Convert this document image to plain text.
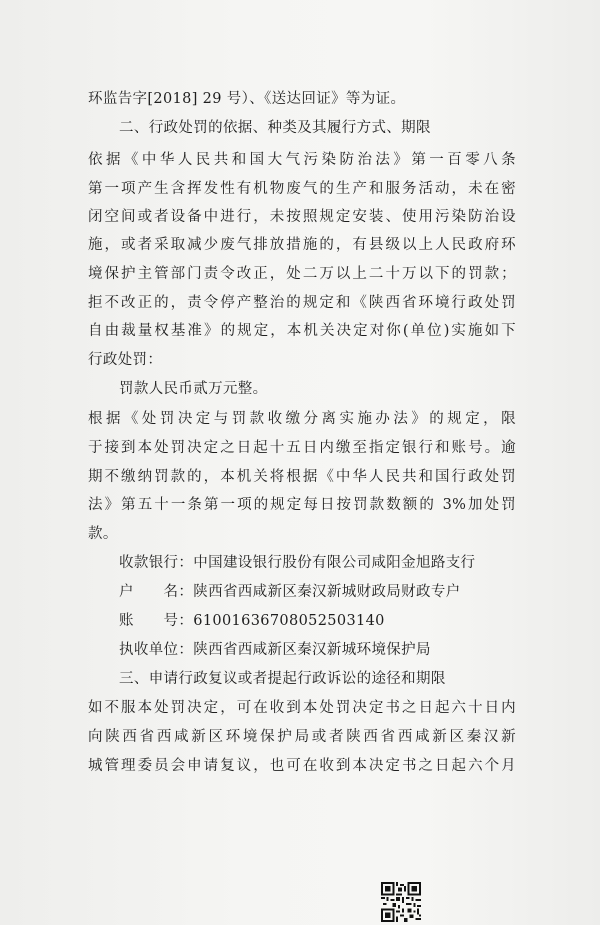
环监告字[2018] 29 号）、《送达回证》等为证。
二、行政处罚的依据、种类及其履行方式、期限
依据《中华人民共和国大气污染防治法》第一百零八条
第一项产生含挥发性有机物废气的生产和服务活动，未在密
闭空间或者设备中进行，未按照规定安装、使用污染防治设
施，或者采取减少废气排放措施的，有县级以上人民政府环
境保护主管部门责令改正，处二万以上二十万以下的罚款；
拒不改正的，责令停产整治的规定和《陕西省环境行政处罚
自由裁量权基准》的规定，本机关决定对你(单位)实施如下
行政处罚：
罚款人民币贰万元整。
根据《处罚决定与罚款收缴分离实施办法》的规定，限
于接到本处罚决定之日起十五日内缴至指定银行和账号。逾
期不缴纳罚款的，本机关将根据《中华人民共和国行政处罚
法》第五十一条第一项的规定每日按罚款数额的 3%加处罚
款。
收款银行：中国建设银行股份有限公司咸阳金旭路支行
户　　名：陕西省西咸新区秦汉新城财政局财政专户
账　　号：61001636708052503140
执收单位：陕西省西咸新区秦汉新城环境保护局
三、申请行政复议或者提起行政诉讼的途径和期限
如不服本处罚决定，可在收到本处罚决定书之日起六十日内
向陕西省西咸新区环境保护局或者陕西省西咸新区秦汉新
城管理委员会申请复议，也可在收到本决定书之日起六个月
